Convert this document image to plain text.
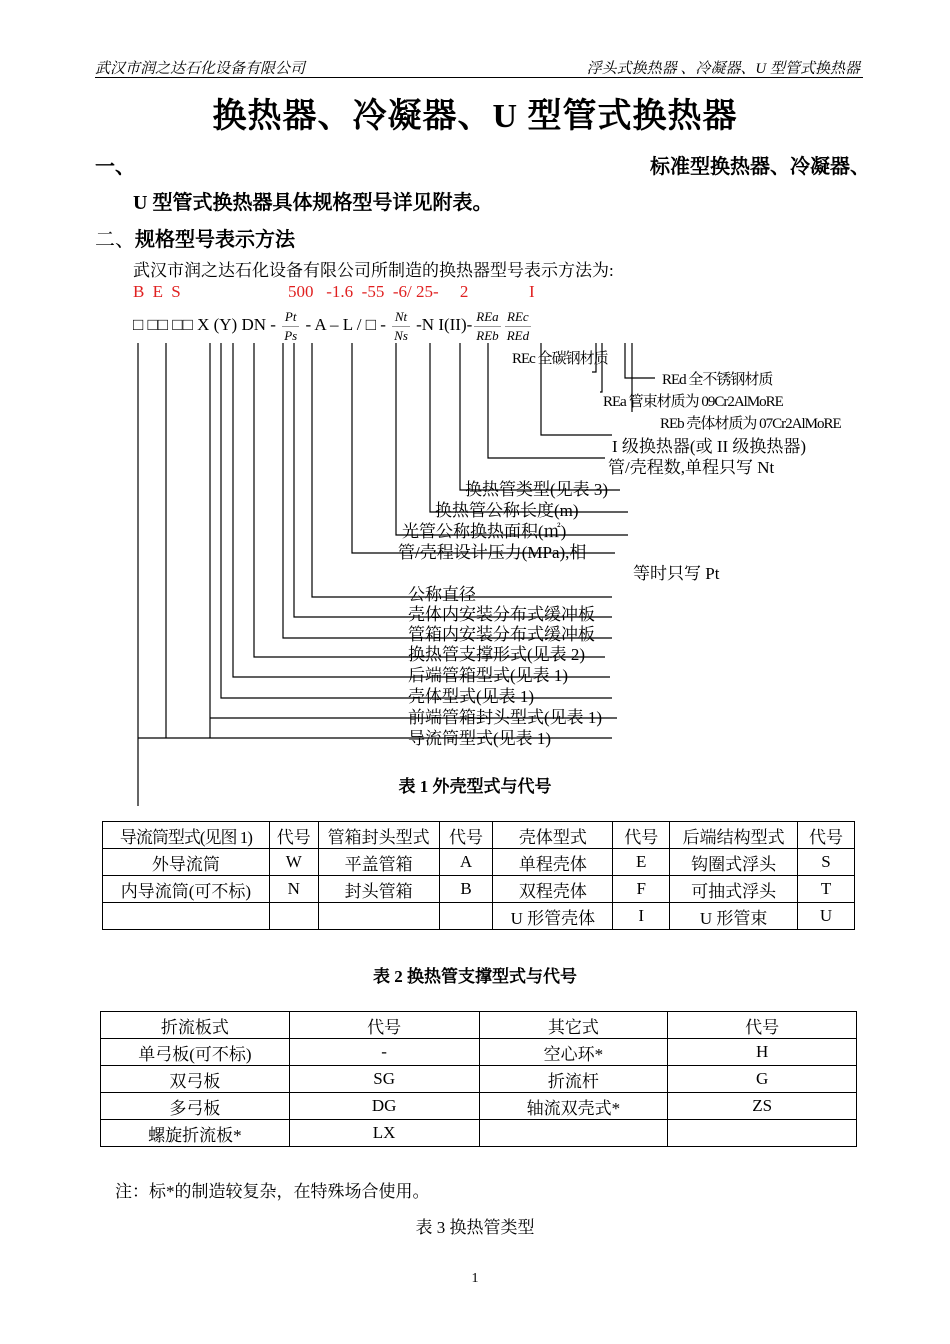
武汉市润之达石化设备有限公司	浮头式换热器 、冷凝器、U 型管式换热器
换热器、冷凝器、U 型管式换热器
一、	标准型换热器、冷凝器、
U 型管式换热器具体规格型号详见附表。
二、规格型号表示方法
武汉市润之达石化设备有限公司所制造的换热器型号表示方法为:
B E S	500   -1.6  -55  -6/ 25-     2	I
□ □□ □□ X (Y) DN - $\frac{Pt}{Ps}$ - A – L / □ - $\frac{Nt}{Ns} -N$ $I(II)- \frac{\text{REa}}{\text{REb}} \frac{\text{REc}}{\text{REd}}$
REc 全碳钢材质
REd 全不锈钢材质
REa 管束材质为 09Cr2AlMoRE
REb 壳体材质为 07Cr2AlMoRE
I 级换热器(或 II 级换热器)
管/壳程数,单程只写 Nt
换热管类型(见表 3)
换热管公称长度(m)
光管公称换热面积(㎡)
管/壳程设计压力(MPa),相
等时只写 Pt
公称直径
壳体内安装分布式缓冲板
管箱内安装分布式缓冲板
换热管支撑形式(见表 2)
后端管箱型式(见表 1)
壳体型式(见表 1)
前端管箱封头型式(见表 1)
导流筒型式(见表 1)
表 1 外壳型式与代号
导流筒型式(见图 1)	代号	管箱封头型式	代号	壳体型式	代号	后端结构型式	代号
外导流筒	W	平盖管箱	A	单程壳体	E	钩圈式浮头	S
内导流筒(可不标)	N	封头管箱	B	双程壳体	F	可抽式浮头	T
				U 形管壳体	I	U 形管束	U
表 2 换热管支撑型式与代号
折流板式	代号	其它式	代号
单弓板(可不标)	-	空心环*	H
双弓板	SG	折流杆	G
多弓板	DG	轴流双壳式*	ZS
螺旋折流板*	LX		
注：标*的制造较复杂，在特殊场合使用。
表 3 换热管类型
1
